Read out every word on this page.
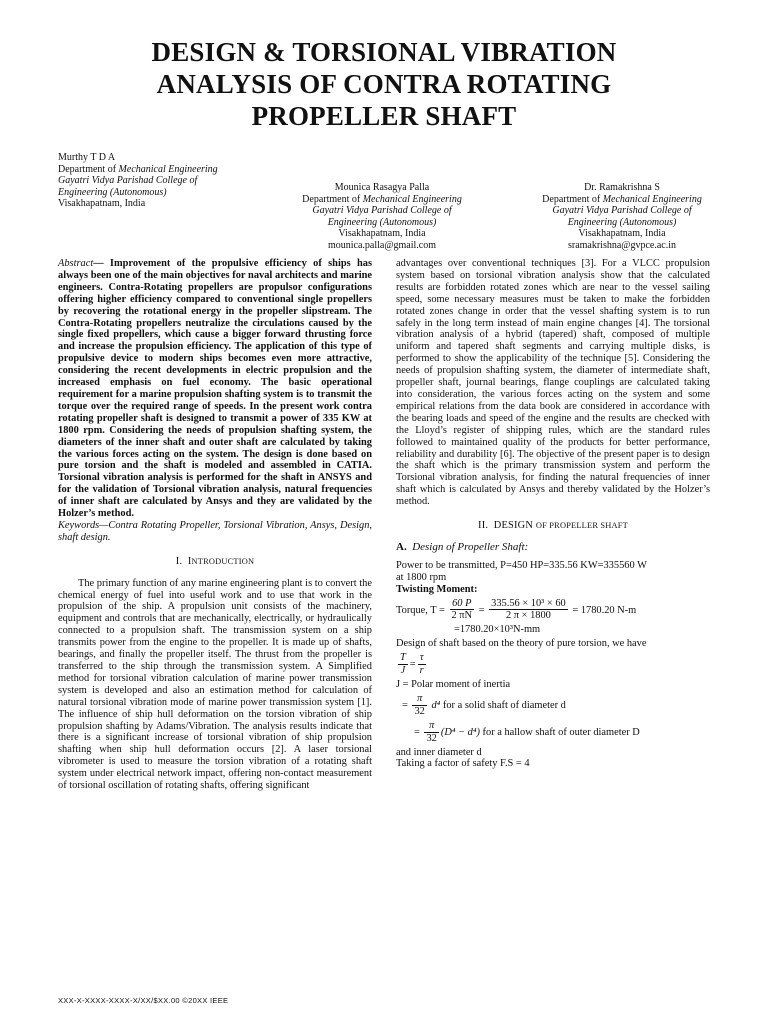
DESIGN & TORSIONAL VIBRATION
ANALYSIS OF CONTRA ROTATING
PROPELLER SHAFT
Murthy T D A
Department of Mechanical Engineering
Gayatri Vidya Parishad College of
Engineering (Autonomous)
Visakhapatnam, India
Mounica Rasagya Palla
Department of Mechanical Engineering
Gayatri Vidya Parishad College of
Engineering (Autonomous)
Visakhapatnam, India
mounica.palla@gmail.com
Dr. Ramakrishna S
Department of Mechanical Engineering
Gayatri Vidya Parishad College of
Engineering (Autonomous)
Visakhapatnam, India
sramakrishna@gvpce.ac.in

Abstract— Improvement of the propulsive efficiency of ships has always been one of the main objectives for naval architects and marine engineers. Contra-Rotating propellers are propulsor configurations offering higher efficiency compared to conventional single propellers by recovering the rotational energy in the propeller slipstream. The Contra-Rotating propellers neutralize the circulations caused by the single fixed propellers, which cause a bigger forward thrusting force and increase the propulsion efficiency. The application of this type of propulsive device to modern ships becomes even more attractive, considering the recent developments in electric propulsion and the increased emphasis on fuel economy. The basic operational requirement for a marine propulsion shafting system is to transmit the torque over the required range of speeds. In the present work contra rotating propeller shaft is designed to transmit a power of 335 KW at 1800 rpm. Considering the needs of propulsion shafting system, the diameters of the inner shaft and outer shaft are calculated by taking the various forces acting on the system. The design is done based on pure torsion and the shaft is modeled and assembled in CATIA. Torsional vibration analysis is performed for the shaft in ANSYS and for the validation of Torsional vibration analysis, natural frequencies of inner shaft are calculated by Ansys and they are validated by the Holzer’s method.

Keywords—Contra Rotating Propeller, Torsional Vibration, Ansys, Design, shaft design.

I. INTRODUCTION

The primary function of any marine engineering plant is to convert the chemical energy of fuel into useful work and to use that work in the propulsion of the ship. A propulsion unit consists of the machinery, equipment and controls that are mechanically, electrically, or hydraulically connected to a propulsion shaft. The transmission system on a ship transmits power from the engine to the propeller. It is made up of shafts, bearings, and finally the propeller itself. The thrust from the propeller is transferred to the ship through the transmission system. A Simplified method for torsional vibration calculation of marine power transmission system is developed and also an estimation method for calculation of natural torsional vibration mode of marine power transmission system [1]. The influence of ship hull deformation on the torsion vibration of ship propulsion shafting by Adams/Vibration. The analysis results indicate that there is a significant increase of torsional vibration of ship propulsion shafting when ship hull deformation occurs [2]. A laser torsional vibrometer is used to measure the torsion vibration of a rotating shaft system under electrical network impact, offering non-contact measurement of torsional oscillation of rotating shafts, offering significant

advantages over conventional techniques [3]. For a VLCC propulsion system based on torsional vibration analysis show that the calculated results are forbidden rotated zones which are near to the vessel sailing speed, some necessary measures must be taken to make the forbidden rotated zones change in order that the vessel shafting system is to run safely in the long term instead of main engine changes [4]. The torsional vibration analysis of a hybrid (tapered) shaft, composed of multiple uniform and tapered shaft segments and carrying multiple disks, is performed to show the applicability of the technique [5]. Considering the needs of propulsion shafting system, the diameter of intermediate shaft, propeller shaft, journal bearings, flange couplings are calculated taking into consideration, the various forces acting on the system and some empirical relations from the data book are considered in accordance with the bearing loads and speed of the engine and the results are checked with the Lloyd’s register of shipping rules, which are the standard rules followed to maintained quality of the products for better performance, reliability and durability [6]. The objective of the present paper is to design the shaft which is the primary transmission system and perform the Torsional vibration analysis, for finding the natural frequencies of inner shaft which is calculated by Ansys and thereby validated by the Holzer’s method.

II. DESIGN OF PROPELLER SHAFT
A. Design of Propeller Shaft:

Power to be transmitted, P=450 HP=335.56 KW=335560 W

at 1800 rpm

Twisting Moment:

Torque, $T = \frac{60 P}{2 \pi N} = \frac{\text{335.56 × 10³ × 60}}{2 \pi \times 1800} = 1780.20$ N-m

=1780.20×10³N-mm

Design of shaft based on the theory of pure torsion, we have

$\frac{T}{J} = \frac{\tau}{r}$

J = Polar moment of inertia

= $\frac{\pi}{32} d^4$ for a solid shaft of diameter d
= $\frac{\pi}{32} (D^4 - d^4)$ for a hallow shaft of outer diameter D

and inner diameter d

Taking a factor of safety F.S = 4

XXX-X-XXXX-XXXX-X/XX/$XX.00 ©20XX IEEE
